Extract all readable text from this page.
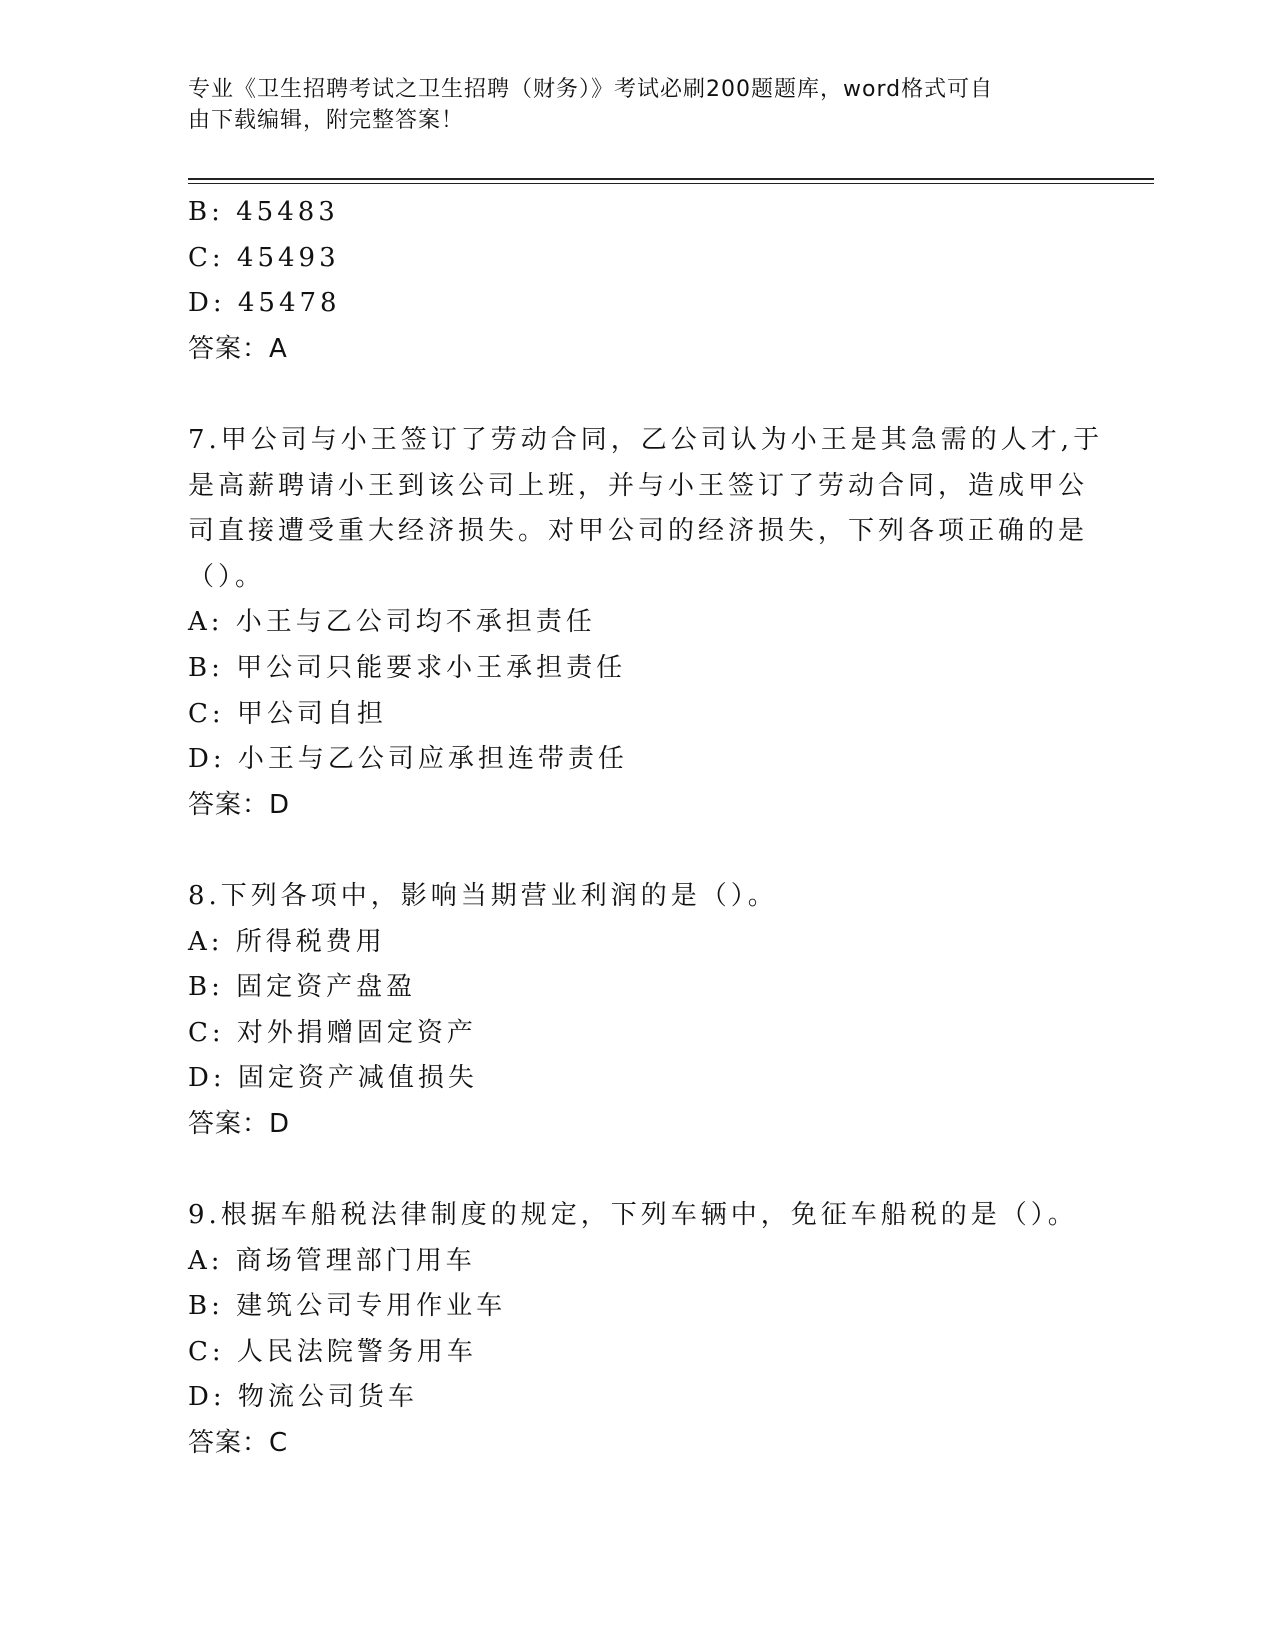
专业《卫生招聘考试之卫生招聘（财务）》考试必刷200题题库，word格式可自
由下载编辑，附完整答案！
B: 45483
C: 45493
D: 45478
答案：A
7.甲公司与小王签订了劳动合同，乙公司认为小王是其急需的人才,于
是高薪聘请小王到该公司上班，并与小王签订了劳动合同，造成甲公
司直接遭受重大经济损失。对甲公司的经济损失，下列各项正确的是
（）。
A: 小王与乙公司均不承担责任
B: 甲公司只能要求小王承担责任
C: 甲公司自担
D: 小王与乙公司应承担连带责任
答案：D
8.下列各项中，影响当期营业利润的是（）。
A: 所得税费用
B: 固定资产盘盈
C: 对外捐赠固定资产
D: 固定资产减值损失
答案：D
9.根据车船税法律制度的规定，下列车辆中，免征车船税的是（）。
A: 商场管理部门用车
B: 建筑公司专用作业车
C: 人民法院警务用车
D: 物流公司货车
答案：C
